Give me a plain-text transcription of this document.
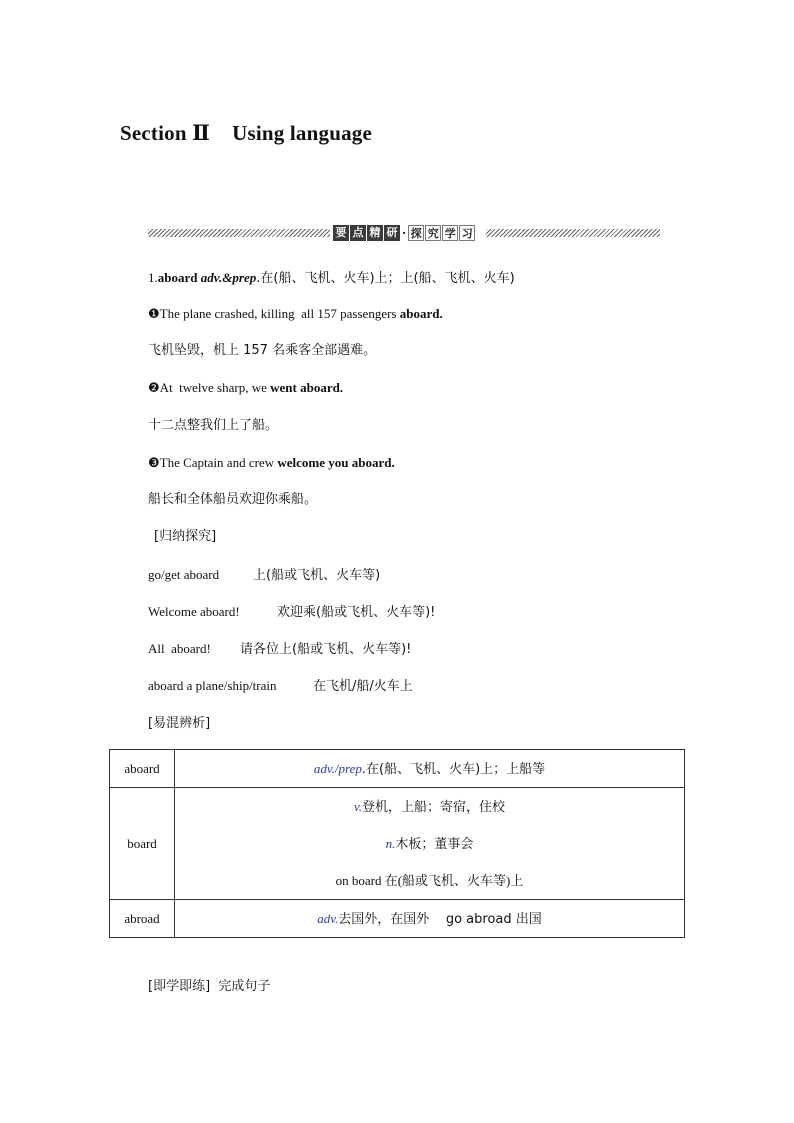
Section Ⅱ Using language
要 点 精 研 · 探 究 学 习
1.aboard adv.&prep.在(船、飞机、火车)上；上(船、飞机、火车)
❶The plane crashed, killing  all 157 passengers aboard.
飞机坠毁，机上 157 名乘客全部遇难。
❷At  twelve sharp, we went aboard.
十二点整我们上了船。
❸The Captain and crew welcome you aboard.
船长和全体船员欢迎你乘船。
[归纳探究]
go/get aboard	上(船或飞机、火车等)
Welcome aboard!	欢迎乘(船或飞机、火车等)!
All  aboard! 请各位上(船或飞机、火车等)!
aboard a plane/ship/train	在飞机/船/火车上
[易混辨析]
aboard	adv./prep.在(船、飞机、火车)上；上船等

board	v.登机，上船；寄宿，住校
n.木板；董事会
on board 在(船或飞机、火车等)上

abroad	adv.去国外，在国外    go abroad 出国
[即学即练] 完成句子
